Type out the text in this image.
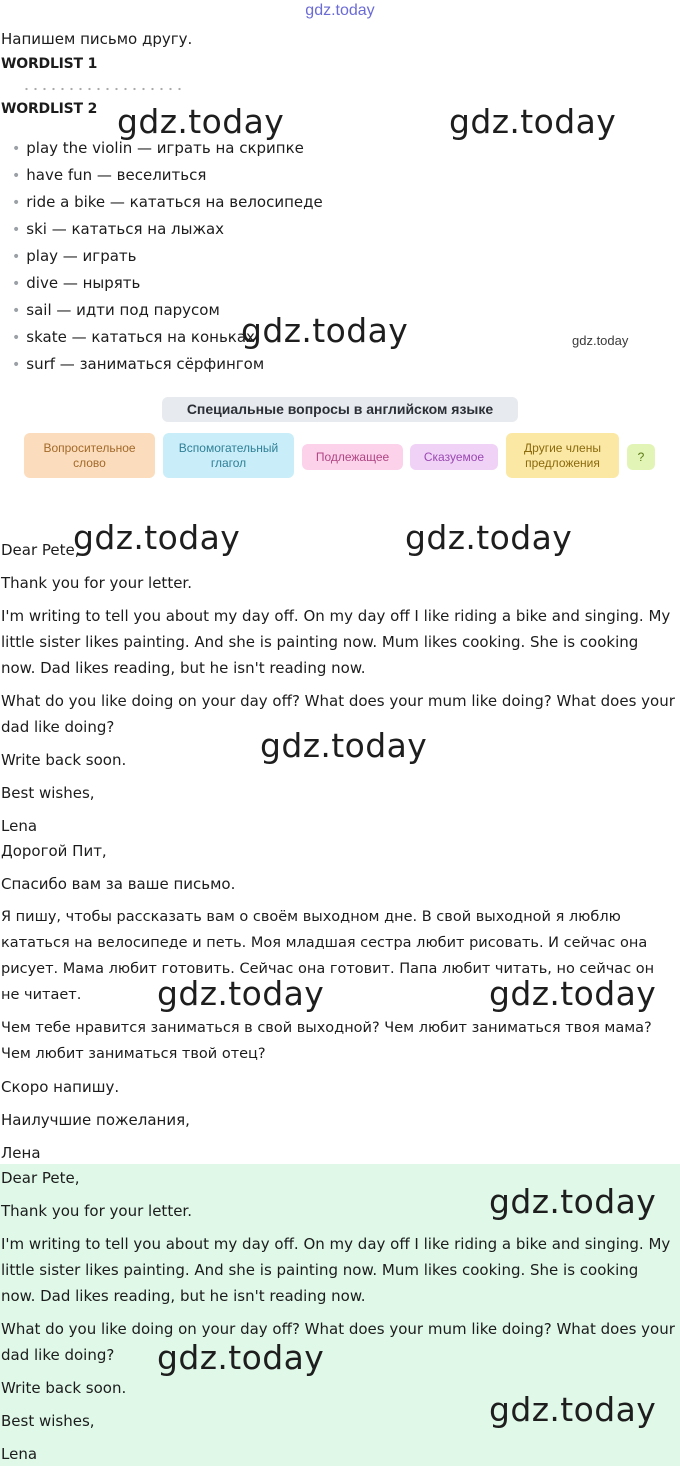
gdz.today
Напишем письмо другу.
WORDLIST 1
WORDLIST 2
• play the violin — играть на скрипке
• have fun — веселиться
• ride a bike — кататься на велосипеде
• ski — кататься на лыжах
• play — играть
• dive — нырять
• sail — идти под парусом
• skate — кататься на коньках
• surf — заниматься сёрфингом
Специальные вопросы в английском языке
Вопросительное слово
Вспомогательный глагол	Подлежащее	Сказуемое
Другие члены предложения	?

Dear Pete,

Thank you for your letter.

I'm writing to tell you about my day off. On my day off I like riding a bike and singing. My little sister likes painting. And she is painting now. Mum likes cooking. She is cooking now. Dad likes reading, but he isn't reading now.

What do you like doing on your day off? What does your mum like doing? What does your dad like doing?

Write back soon.

Best wishes,

Lena

Дорогой Пит,

Спасибо вам за ваше письмо.

Я пишу, чтобы рассказать вам о своём выходном дне. В свой выходной я люблю кататься на велосипеде и петь. Моя младшая сестра любит рисовать. И сейчас она рисует. Мама любит готовить. Сейчас она готовит. Папа любит читать, но сейчас он не читает.

Чем тебе нравится заниматься в свой выходной? Чем любит заниматься твоя мама? Чем любит заниматься твой отец?

Скоро напишу.

Наилучшие пожелания,

Лена

Dear Pete,

Thank you for your letter.

I'm writing to tell you about my day off. On my day off I like riding a bike and singing. My little sister likes painting. And she is painting now. Mum likes cooking. She is cooking now. Dad likes reading, but he isn't reading now.

What do you like doing on your day off? What does your mum like doing? What does your dad like doing?

Write back soon.

Best wishes,

Lena

gdz.today	gdz.today
gdz.today	gdz.today
gdz.today	gdz.today
gdz.today
gdz.today	gdz.today
gdz.today
gdz.today
gdz.today
